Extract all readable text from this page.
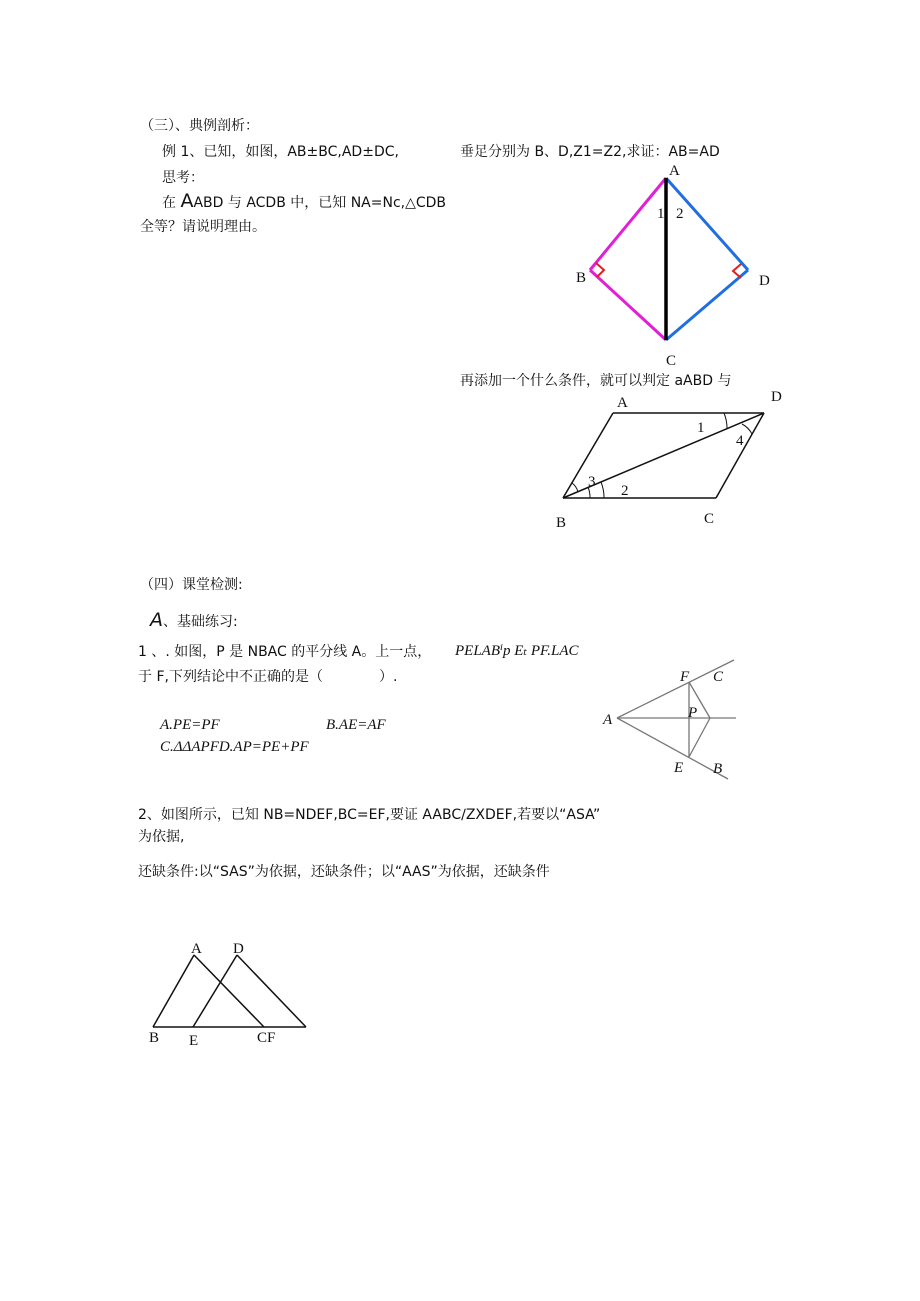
（三）、典例剖析：
例 1、已知，如图，AB±BC,AD±DC,	垂足分别为 B、D,Z1=Z2,求证：AB=AD
思考：
在 AABD 与 ACDB 中，已知 NA=Nc,△CDB
全等？请说明理由。
再添加一个什么条件，就可以判定 aABD 与
A
B
C
D
1 2
A
B	C
D
1
2
3
4
（四）课堂检测:
A、基础练习:
1 、. 如图，P 是 NBAC 的平分线 A。上一点， PELABⁱp Eₜ PF.LAC
于 F,下列结论中不正确的是（　　　　）.
A.PE=PF	B.AE=AF
C.ΔΔAPFD.AP=PE+PF
A
B
C
E
F
P
2、如图所示，已知 NB=NDEF,BC=EF,要证 AABC∕ZXDEF,若要以“ASA”
为依据,
还缺条件:以“SAS”为依据，还缺条件；以“AAS”为依据，还缺条件
A D
B E	CF
